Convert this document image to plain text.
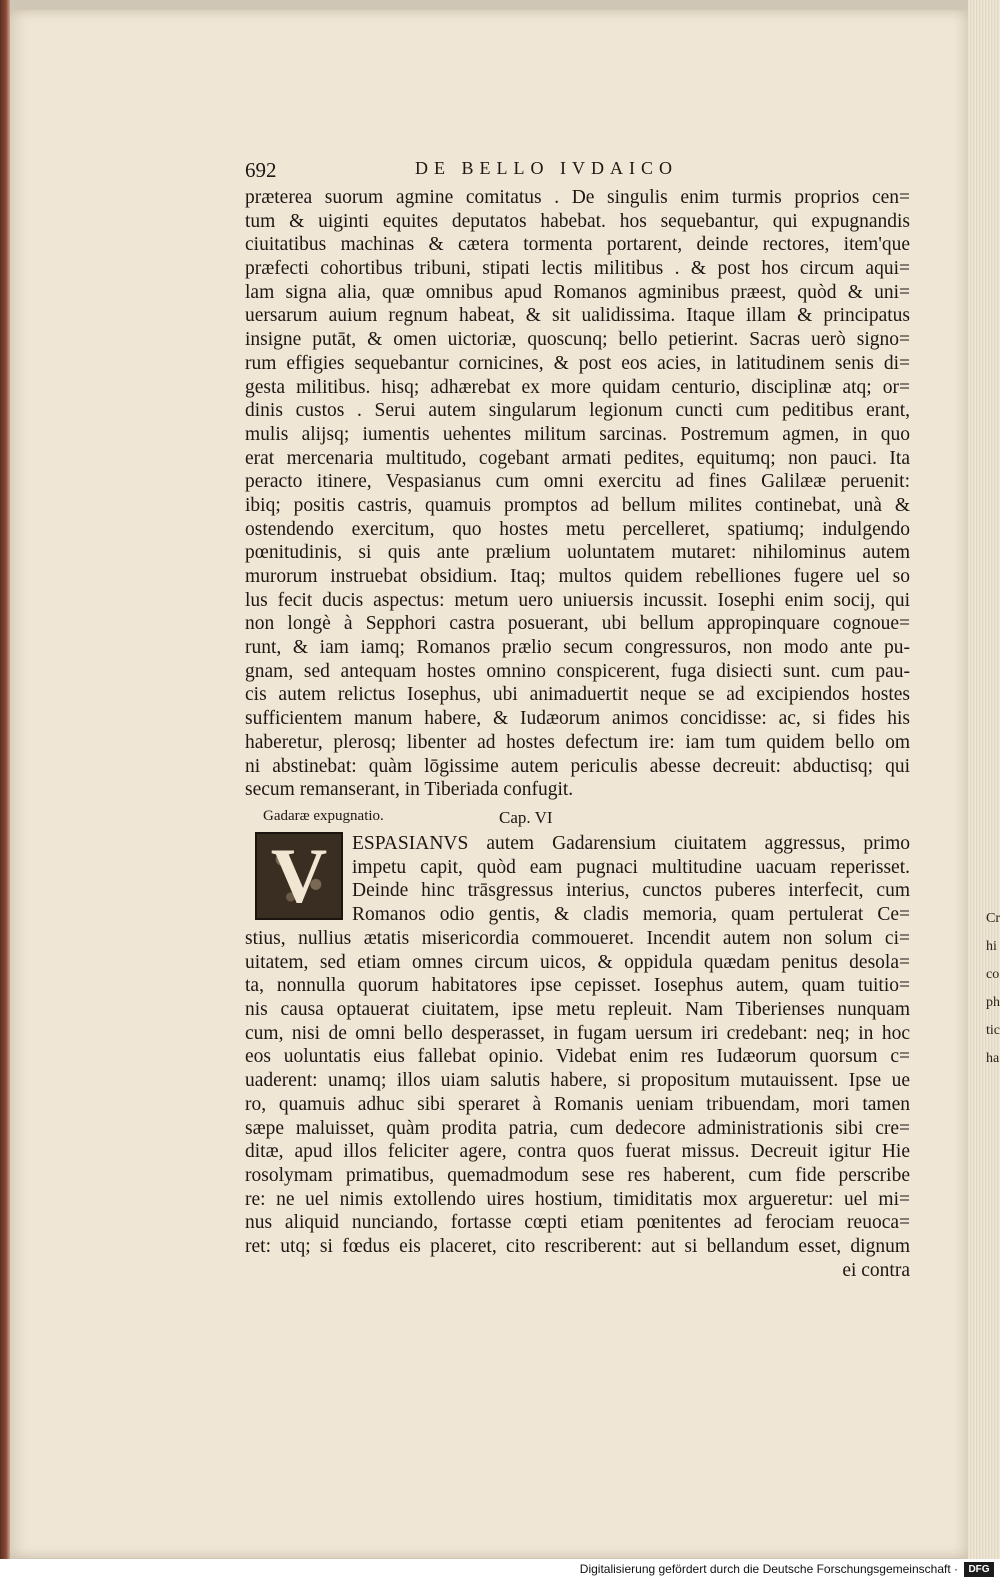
Cr
hi
co
ph
tic
ha
692	DE BELLO IVDAICO
præterea suorum agmine comitatus . De singulis enim turmis proprios cen=
tum & uiginti equites deputatos habebat. hos sequebantur, qui expugnandis
ciuitatibus machinas & cætera tormenta portarent, deinde rectores, item'que
præfecti cohortibus tribuni, stipati lectis militibus . & post hos circum aqui=
lam signa alia, quæ omnibus apud Romanos agminibus præest, quòd & uni=
uersarum auium regnum habeat, & sit ualidissima. Itaque illam & principatus
insigne putāt, & omen uictoriæ, quoscunq; bello petierint. Sacras uerò signo=
rum effigies sequebantur cornicines, & post eos acies, in latitudinem senis di=
gesta militibus. hisq; adhærebat ex more quidam centurio, disciplinæ atq; or=
dinis custos . Serui autem singularum legionum cuncti cum peditibus erant,
mulis alijsq; iumentis uehentes militum sarcinas. Postremum agmen, in quo
erat mercenaria multitudo, cogebant armati pedites, equitumq; non pauci. Ita
peracto itinere, Vespasianus cum omni exercitu ad fines Galilææ peruenit:
ibiq; positis castris, quamuis promptos ad bellum milites continebat, unà &
ostendendo exercitum, quo hostes metu percelleret, spatiumq; indulgendo
pœnitudinis, si quis ante prælium uoluntatem mutaret: nihilominus autem
murorum instruebat obsidium. Itaq; multos quidem rebelliones fugere uel so
lus fecit ducis aspectus: metum uero uniuersis incussit. Iosephi enim socij, qui
non longè à Sepphori castra posuerant, ubi bellum appropinquare cognoue=
runt, & iam iamq; Romanos prælio secum congressuros, non modo ante pu-
gnam, sed antequam hostes omnino conspicerent, fuga disiecti sunt. cum pau-
cis autem relictus Iosephus, ubi animaduertit neque se ad excipiendos hostes
sufficientem manum habere, & Iudæorum animos concidisse: ac, si fides his
haberetur, plerosq; libenter ad hostes defectum ire: iam tum quidem bello om
ni abstinebat: quàm lōgissime autem periculis abesse decreuit: abductisq; qui
secum remanserant, in Tiberiada confugit.
Gadaræ expugnatio.	Cap. VI
V ESPASIANVS autem Gadarensium ciuitatem aggressus, primo
impetu capit, quòd eam pugnaci multitudine uacuam reperisset.
Deinde hinc trāsgressus interius, cunctos puberes interfecit, cum
Romanos odio gentis, & cladis memoria, quam pertulerat Ce=
stius, nullius ætatis misericordia commoueret. Incendit autem non solum ci=
uitatem, sed etiam omnes circum uicos, & oppidula quædam penitus desola=
ta, nonnulla quorum habitatores ipse cepisset. Iosephus autem, quam tuitio=
nis causa optauerat ciuitatem, ipse metu repleuit. Nam Tiberienses nunquam
cum, nisi de omni bello desperasset, in fugam uersum iri credebant: neq; in hoc
eos uoluntatis eius fallebat opinio. Videbat enim res Iudæorum quorsum c=
uaderent: unamq; illos uiam salutis habere, si propositum mutauissent. Ipse ue
ro, quamuis adhuc sibi speraret à Romanis ueniam tribuendam, mori tamen
sæpe maluisset, quàm prodita patria, cum dedecore administrationis sibi cre=
ditæ, apud illos feliciter agere, contra quos fuerat missus. Decreuit igitur Hie
rosolymam primatibus, quemadmodum sese res haberent, cum fide perscribe
re: ne uel nimis extollendo uires hostium, timiditatis mox argueretur: uel mi=
nus aliquid nunciando, fortasse cœpti etiam pœnitentes ad ferociam reuoca=
ret: utq; si fœdus eis placeret, cito rescriberent: aut si bellandum esset, dignum
ei contra
Digitalisierung gefördert durch die Deutsche Forschungsgemeinschaft ·	DFG
